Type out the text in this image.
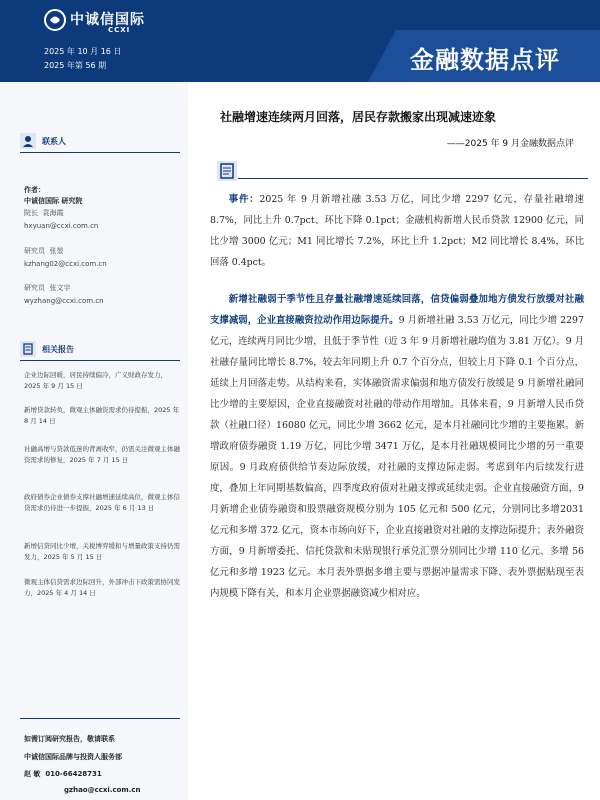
中诚信国际
CCXI
2025 年 10 月 16 日
2025 年第 56 期	金融数据点评
联系人
作者：
中诚信国际 研究院
院长 袁海霞
hxyuan@ccxi.com.cn
研究员 张堃
kzhang02@ccxi.com.cn
研究员 张文宇
wyzhang@ccxi.com.cn
相关报告
企业边际回暖，居民持续偏冷，广义财政存发力，2025 年 9 月 15 日
新增贷款转负，微观主体融资需求仍待提振，2025 年 8 月 14 日
社融高增与贷款低迷的背离收窄，仍需关注微观主体融资需求的修复，2025 年 7 月 15 日
政府债券企业债券支撑社融增速延续高位，微观主体信贷需求仍待进一步提振，2025 年 6 月 13 日
新增信贷同比少增，关税博弈缓和与增量政策支持仍需发力，2025 年 5 月 15 日
微观主体信贷需求边际回升，外部冲击下政策需协同发力，2025 年 4 月 14 日
如需订阅研究报告，敬请联系
中诚信国际品牌与投资人服务部
赵 敏 010-66428731
gzhao@ccxi.com.cn
社融增速连续两月回落，居民存款搬家出现减速迹象
——2025 年 9 月金融数据点评
事件：2025 年 9 月新增社融 3.53 万亿，同比少增 2297 亿元，存量社融增速 8.7%，同比上升 0.7pct、环比下降 0.1pct；金融机构新增人民币贷款 12900 亿元，同比少增 3000 亿元；M1 同比增长 7.2%，环比上升 1.2pct；M2 同比增长 8.4%，环比回落 0.4pct。
新增社融弱于季节性且存量社融增速延续回落，信贷偏弱叠加地方债发行放缓对社融支撑减弱，企业直接融资拉动作用边际提升。9 月新增社融 3.53 万亿元，同比少增 2297 亿元，连续两月同比少增，且低于季节性（近 3 年 9 月新增社融均值为 3.81 万亿）。9 月社融存量同比增长 8.7%，较去年同期上升 0.7 个百分点，但较上月下降 0.1 个百分点，延续上月回落走势。从结构来看，实体融资需求偏弱和地方债发行放缓是 9 月新增社融同比少增的主要原因，企业直接融资对社融的带动作用增加。具体来看，9 月新增人民币贷款（社融口径）16080 亿元，同比少增 3662 亿元，是本月社融同比少增的主要拖累。新增政府债券融资 1.19 万亿，同比少增 3471 万亿，是本月社融规模同比少增的另一重要原因。9 月政府债供给节奏边际放缓，对社融的支撑边际走弱。考虑到年内后续发行进度，叠加上年同期基数偏高，四季度政府债对社融支撑或延续走弱。企业直接融资方面，9 月新增企业债券融资和股票融资规模分别为 105 亿元和 500 亿元，分别同比多增2031 亿元和多增 372 亿元，资本市场向好下，企业直接融资对社融的支撑边际提升；表外融资方面，9 月新增委托、信托贷款和未贴现银行承兑汇票分别同比少增 110 亿元、多增 56 亿元和多增 1923 亿元。本月表外票据多增主要与票据冲量需求下降、表外票据贴现至表内规模下降有关，和本月企业票据融资减少相对应。
